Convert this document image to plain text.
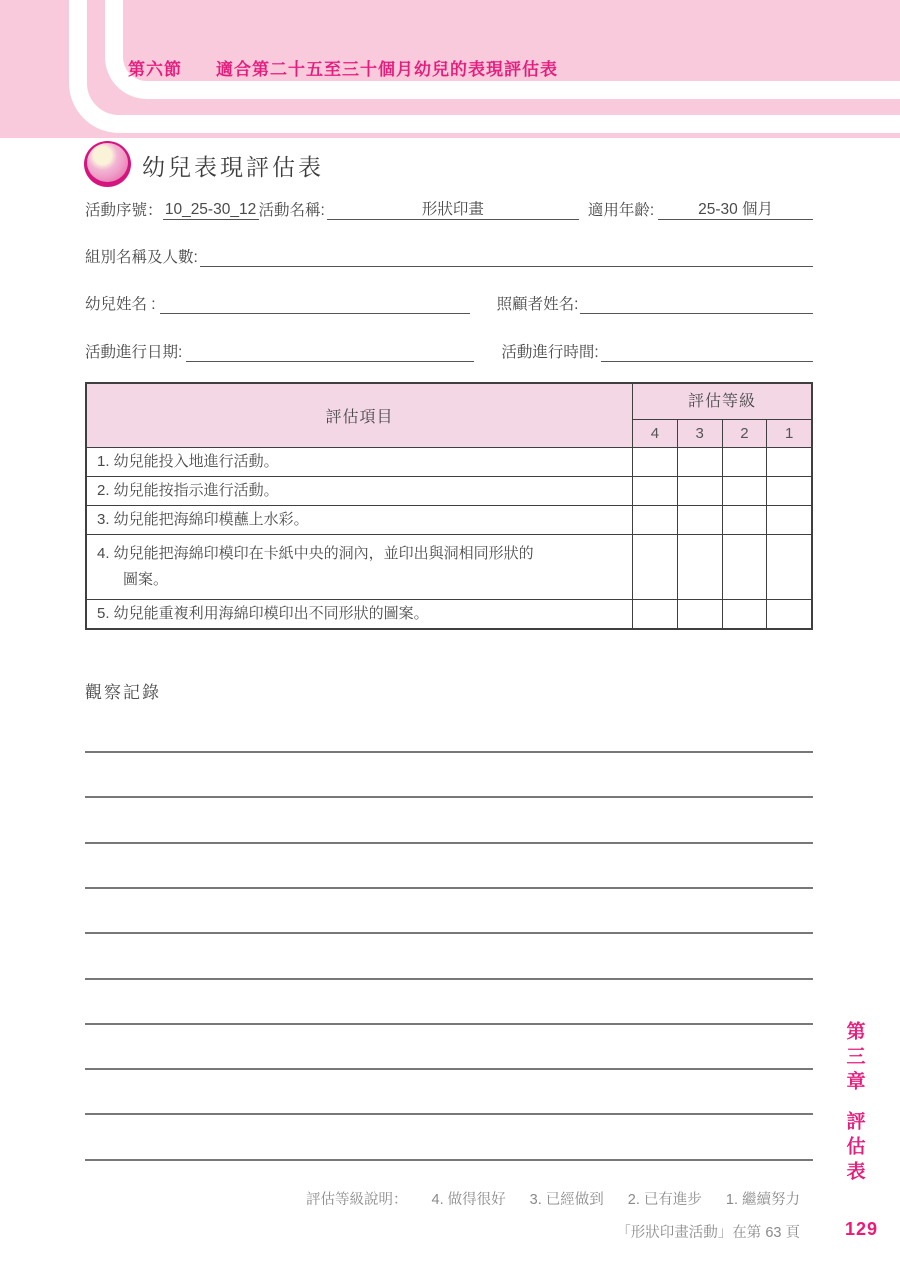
第六節 適合第二十五至三十個月幼兒的表現評估表
幼兒表現評估表
活動序號： 10_25-30_12 活動名稱:	形狀印畫	適用年齡:	25-30 個月
組別名稱及人數:
幼兒姓名 :	照顧者姓名:
活動進行日期:	活動進行時間:
評估項目
評估等級
4	3	2	1
1. 幼兒能投入地進行活動。
2. 幼兒能按指示進行活動。
3. 幼兒能把海綿印模蘸上水彩。
4. 幼兒能把海綿印模印在卡紙中央的洞內，並印出與洞相同形狀的
圖案。
5. 幼兒能重複利用海綿印模印出不同形狀的圖案。
觀察記錄
第三章
評估表
評估等級說明： 4. 做得很好 3. 已經做到 2. 已有進步 1. 繼續努力
「形狀印畫活動」在第 63 頁	129
